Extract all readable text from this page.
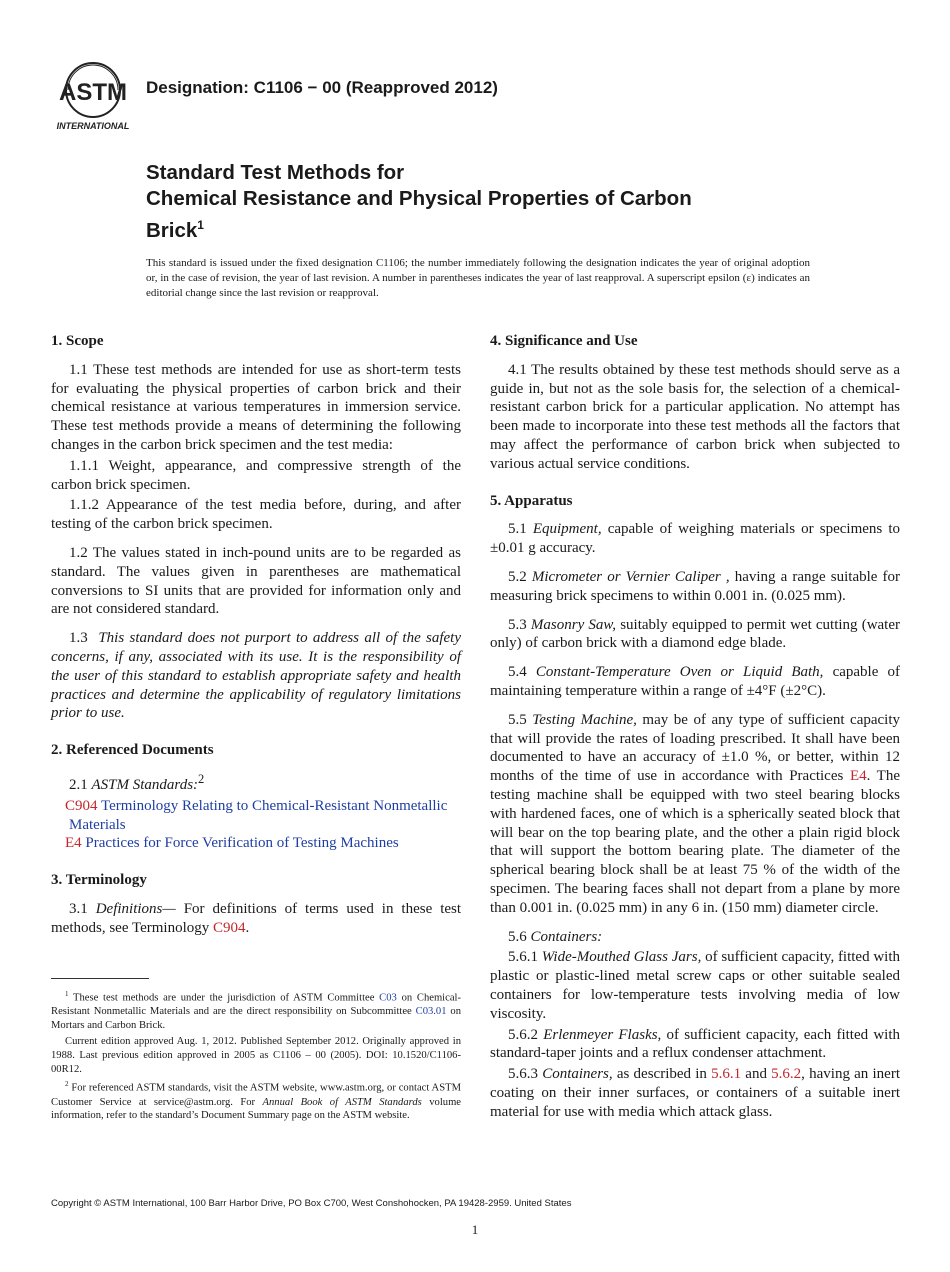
ASTM
INTERNATIONAL
Designation: C1106 − 00 (Reapproved 2012)
Standard Test Methods for
Chemical Resistance and Physical Properties of Carbon
Brick$^1$
This standard is issued under the fixed designation C1106; the number immediately following the designation indicates the year of original adoption or, in the case of revision, the year of last revision. A number in parentheses indicates the year of last reapproval. A superscript epsilon (ε) indicates an editorial change since the last revision or reapproval.
1. Scope

1.1 These test methods are intended for use as short-term tests for evaluating the physical properties of carbon brick and their chemical resistance at various temperatures in immersion service. These test methods provide a means of determining the following changes in the carbon brick specimen and the test media:

1.1.1 Weight, appearance, and compressive strength of the carbon brick specimen.

1.1.2 Appearance of the test media before, during, and after testing of the carbon brick specimen.

1.2 The values stated in inch-pound units are to be regarded as standard. The values given in parentheses are mathematical conversions to SI units that are provided for information only and are not considered standard.

1.3 This standard does not purport to address all of the safety concerns, if any, associated with its use. It is the responsibility of the user of this standard to establish appropriate safety and health practices and determine the applicability of regulatory limitations prior to use.

2. Referenced Documents

2.1 ASTM Standards:$^2$

C904 Terminology Relating to Chemical-Resistant Nonmetallic Materials
E4 Practices for Force Verification of Testing Machines
3. Terminology

3.1 Definitions— For definitions of terms used in these test methods, see Terminology C904.

4. Significance and Use

4.1 The results obtained by these test methods should serve as a guide in, but not as the sole basis for, the selection of a chemical-resistant carbon brick for a particular application. No attempt has been made to incorporate into these test methods all the factors that may affect the performance of carbon brick when subjected to various actual service conditions.

5. Apparatus

5.1 Equipment, capable of weighing materials or specimens to ±0.01 g accuracy.

5.2 Micrometer or Vernier Caliper , having a range suitable for measuring brick specimens to within 0.001 in. (0.025 mm).

5.3 Masonry Saw, suitably equipped to permit wet cutting (water only) of carbon brick with a diamond edge blade.

5.4 Constant-Temperature Oven or Liquid Bath, capable of maintaining temperature within a range of ±4°F (±2°C).

5.5 Testing Machine, may be of any type of sufficient capacity that will provide the rates of loading prescribed. It shall have been documented to have an accuracy of ±1.0 %, or better, within 12 months of the time of use in accordance with Practices E4. The testing machine shall be equipped with two steel bearing blocks with hardened faces, one of which is a spherically seated block that will bear on the top bearing plate, and the other a plain rigid block that will support the bottom bearing plate. The diameter of the spherical bearing block shall be at least 75 % of the width of the specimen. The bearing faces shall not depart from a plane by more than 0.001 in. (0.025 mm) in any 6 in. (150 mm) diameter circle.

5.6 Containers:

5.6.1 Wide-Mouthed Glass Jars, of sufficient capacity, fitted with plastic or plastic-lined metal screw caps or other suitable sealed containers for low-temperature tests involving media of low viscosity.

5.6.2 Erlenmeyer Flasks, of sufficient capacity, each fitted with standard-taper joints and a reflux condenser attachment.

5.6.3 Containers, as described in 5.6.1 and 5.6.2, having an inert coating on their inner surfaces, or containers of a suitable inert material for use with media which attack glass.

$^1$ These test methods are under the jurisdiction of ASTM Committee C03 on Chemical-Resistant Nonmetallic Materials and are the direct responsibility on Subcommittee C03.01 on Mortars and Carbon Brick.

Current edition approved Aug. 1, 2012. Published September 2012. Originally approved in 1988. Last previous edition approved in 2005 as C1106 – 00 (2005). DOI: 10.1520/C1106-00R12.

$^2$ For referenced ASTM standards, visit the ASTM website, www.astm.org, or contact ASTM Customer Service at service@astm.org. For Annual Book of ASTM Standards volume information, refer to the standard’s Document Summary page on the ASTM website.

Copyright © ASTM International, 100 Barr Harbor Drive, PO Box C700, West Conshohocken, PA 19428-2959. United States
1
